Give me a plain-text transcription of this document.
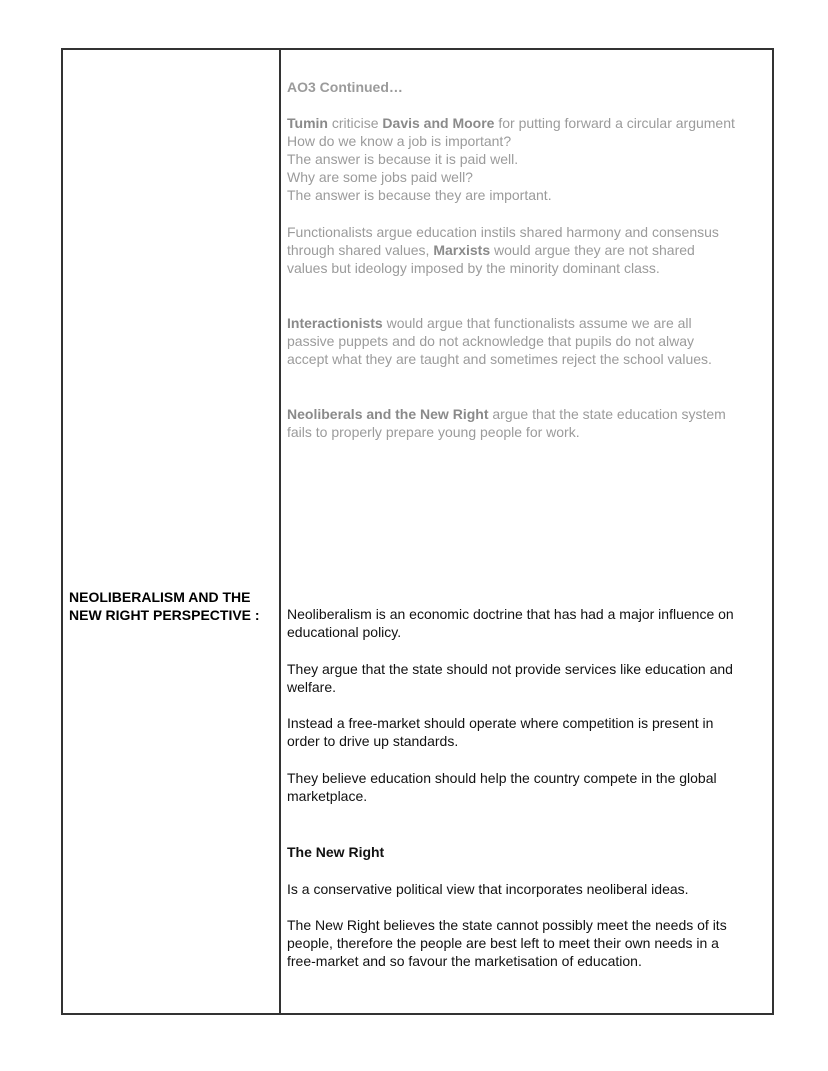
NEOLIBERALISM AND THE
NEW RIGHT PERSPECTIVE :

AO3 Continued…

Tumin criticise Davis and Moore for putting forward a circular argument

How do we know a job is important?

The answer is because it is paid well.

Why are some jobs paid well?

The answer is because they are important.

Functionalists argue education instils shared harmony and consensus

through shared values, Marxists would argue they are not shared

values but ideology imposed by the minority dominant class.

Interactionists would argue that functionalists assume we are all

passive puppets and do not acknowledge that pupils do not alway

accept what they are taught and sometimes reject the school values.

Neoliberals and the New Right argue that the state education system

fails to properly prepare young people for work.

Neoliberalism is an economic doctrine that has had a major influence on

educational policy.

They argue that the state should not provide services like education and

welfare.

Instead a free-market should operate where competition is present in

order to drive up standards.

They believe education should help the country compete in the global

marketplace.

The New Right

Is a conservative political view that incorporates neoliberal ideas.

The New Right believes the state cannot possibly meet the needs of its

people, therefore the people are best left to meet their own needs in a

free-market and so favour the marketisation of education.
